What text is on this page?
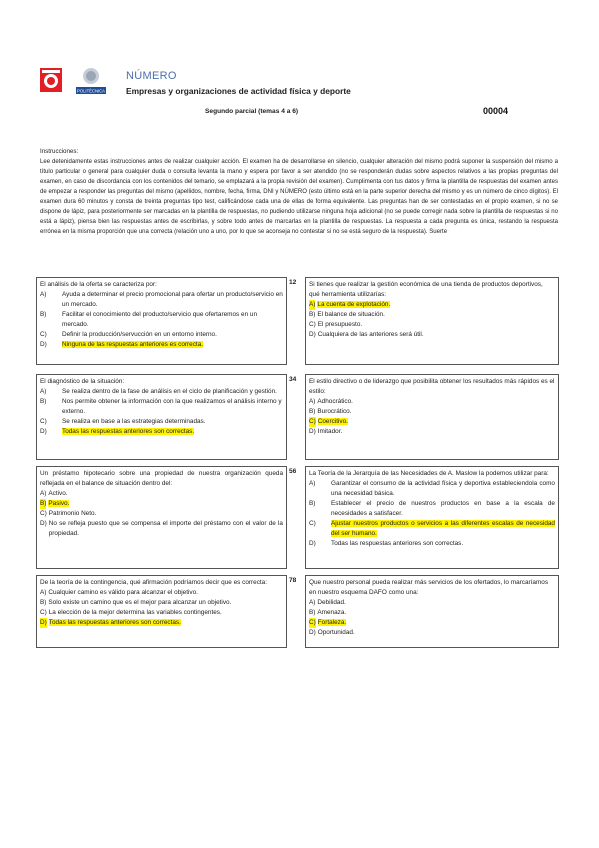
POLITÈCNICA
NÚMERO
Empresas y organizaciones de actividad física y deporte
Segundo parcial (temas 4 a 6)	00004
Instrucciones:
Lee detenidamente estas instrucciones antes de realizar cualquier acción. El examen ha de desarrollarse en silencio, cualquier alteración del mismo podrá suponer la suspensión del mismo a título particular o general para cualquier duda o consulta levanta la mano y espera por favor a ser atendido (no se responderán dudas sobre aspectos relativos a las propias preguntas del examen, en caso de discordancia con los contenidos del temario, se emplazará a la propia revisión del examen). Cumplimenta con tus datos y firma la plantilla de respuestas del examen antes de empezar a responder las preguntas del mismo (apellidos, nombre, fecha, firma, DNI y NÚMERO (esto último está en la parte superior derecha del mismo y es un número de cinco dígitos). El examen dura 60 minutos y consta de treinta preguntas tipo test, calificándose cada una de ellas de forma equivalente. Las preguntas han de ser contestadas en el propio examen, si no se dispone de lápiz, para posteriormente ser marcadas en la plantilla de respuestas, no pudiendo utilizarse ninguna hoja adicional (no se puede corregir nada sobre la plantilla de respuestas si no está a lápiz), piensa bien las respuestas antes de escribirlas, y sobre todo antes de marcarlas en la plantilla de respuestas. La respuesta a cada pregunta es única, restando la respuesta errónea en la misma proporción que una correcta (relación uno a uno, por lo que se aconseja no contestar si no se está seguro de la respuesta). Suerte

El análisis de la oferta se caracteriza por:

A)	Ayuda a determinar el precio promocional para ofertar un producto/servicio en un mercado.
B)	Facilitar el conocimiento del producto/servicio que ofertaremos en un mercado.
C)	Definir la producción/servucción en un entorno interno.
D)	Ninguna de las respuestas anteriores es correcta.
12 Si tienes que realizar la gestión económica de una tienda de productos deportivos, qué herramienta utilizarías:

A) La cuenta de explotación.
B) El balance de situación.
C) El presupuesto.
D) Cualquiera de las anteriores será útil.

El diagnóstico de la situación:

A)	Se realiza dentro de la fase de análisis en el ciclo de planificación y gestión.
B)	Nos permite obtener la información con la que realizamos el análisis interno y externo.
C)	Se realiza en base a las estrategias determinadas.
D)	Todas las respuestas anteriores son correctas.
34 El estilo directivo o de liderazgo que posibilita obtener los resultados más rápidos es el estilo:

A) Adhocrático.
B) Burocrático.
C) Coercitivo.
D) Imitador.

Un préstamo hipotecario sobre una propiedad de nuestra organización queda reflejada en el balance de situación dentro del:

A) Activo.
B) Pasivo.
C) Patrimonio Neto.
D) No se refleja puesto que se compensa el importe del préstamo con el valor de la propiedad.
56 La Teoría de la Jerarquía de las Necesidades de A. Maslow la podemos utilizar para:

A)	Garantizar el consumo de la actividad física y deportiva estableciendola como una necesidad básica.
B)	Establecer el precio de nuestros productos en base a la escala de necesidades a satisfacer.
C)	Ajustar nuestros productos o servicios a las diferentes escalas de necesidad del ser humano.
D)	Todas las respuestas anteriores son correctas.

De la teoría de la contingencia, qué afirmación podríamos decir que es correcta:

A) Cualquier camino es válido para alcanzar el objetivo.
B) Solo existe un camino que es el mejor para alcanzar un objetivo.
C) La elección de la mejor determina las variables contingentes.
D) Todas las respuestas anteriores son correctas.
78 Que nuestro personal pueda realizar más servicios de los ofertados, lo marcaríamos en nuestro esquema DAFO como una:

A) Debilidad.
B) Amenaza.
C) Fortaleza.
D) Oportunidad.
